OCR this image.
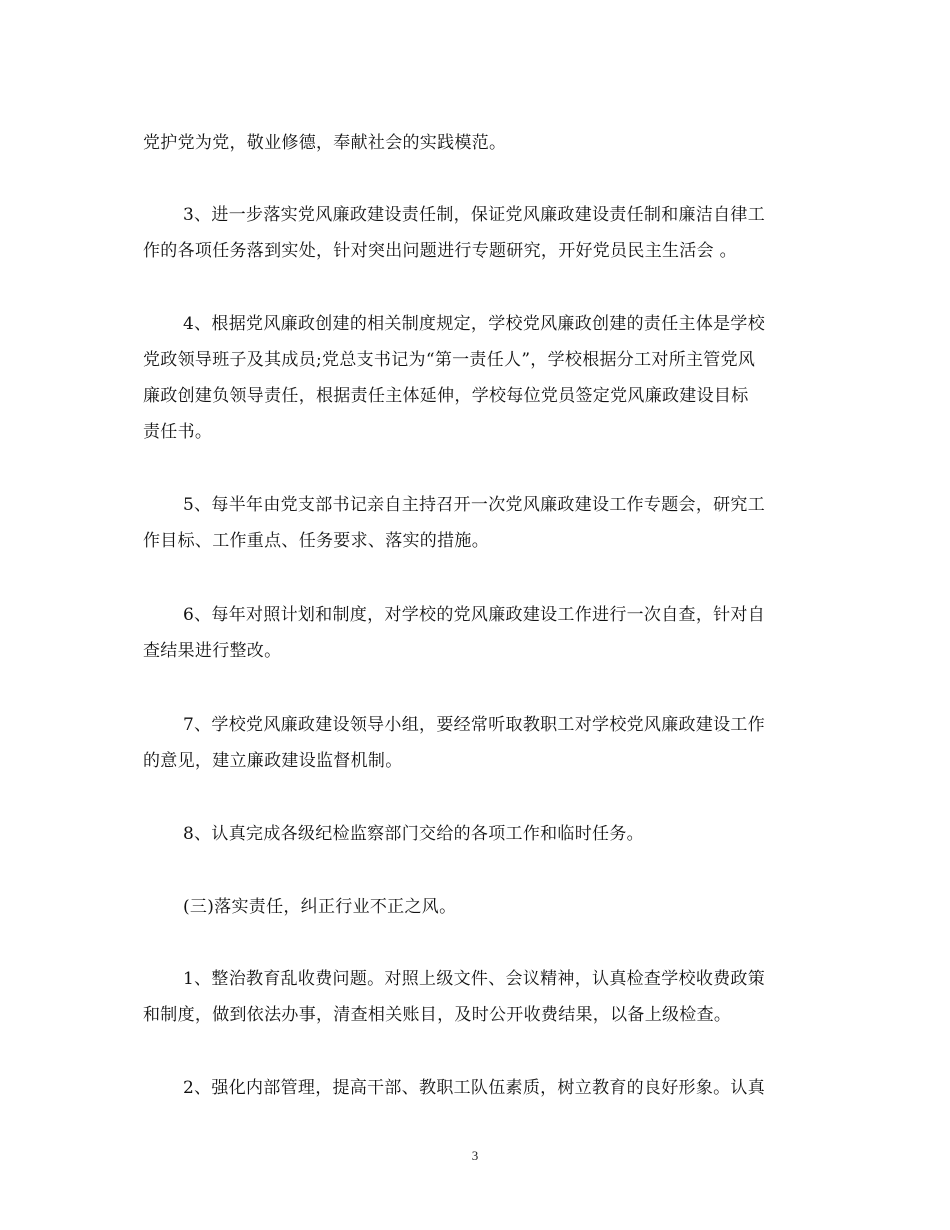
党护党为党，敬业修德，奉献社会的实践模范。
3、进一步落实党风廉政建设责任制，保证党风廉政建设责任制和廉洁自律工
作的各项任务落到实处，针对突出问题进行专题研究，开好党员民主生活会 。
4、根据党风廉政创建的相关制度规定，学校党风廉政创建的责任主体是学校
党政领导班子及其成员;党总支书记为“第一责任人”，学校根据分工对所主管党风
廉政创建负领导责任，根据责任主体延伸，学校每位党员签定党风廉政建设目标
责任书。
5、每半年由党支部书记亲自主持召开一次党风廉政建设工作专题会，研究工
作目标、工作重点、任务要求、落实的措施。
6、每年对照计划和制度，对学校的党风廉政建设工作进行一次自查，针对自
查结果进行整改。
7、学校党风廉政建设领导小组，要经常听取教职工对学校党风廉政建设工作
的意见，建立廉政建设监督机制。
8、认真完成各级纪检监察部门交给的各项工作和临时任务。
(三)落实责任，纠正行业不正之风。
1、整治教育乱收费问题。对照上级文件、会议精神，认真检查学校收费政策
和制度，做到依法办事，清查相关账目，及时公开收费结果，以备上级检查。
2、强化内部管理，提高干部、教职工队伍素质，树立教育的良好形象。认真
3
